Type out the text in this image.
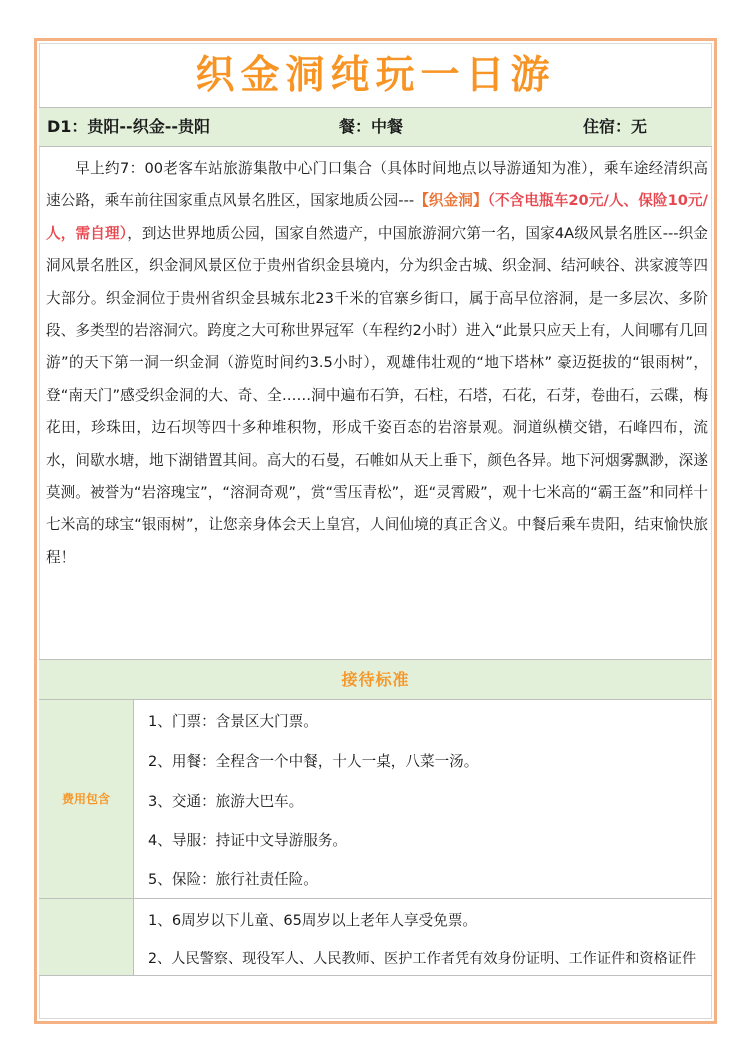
织金洞纯玩一日游
D1：贵阳--织金--贵阳	餐：中餐	住宿：无
早上约7：00老客车站旅游集散中心门口集合（具体时间地点以导游通知为准），乘车途经清织高速公路，乘车前往国家重点风景名胜区，国家地质公园---【织金洞】（不含电瓶车20元/人、保险10元/人，需自理），到达世界地质公园，国家自然遗产，中国旅游洞穴第一名，国家4A级风景名胜区---织金洞风景名胜区，织金洞风景区位于贵州省织金县境内，分为织金古城、织金洞、结河峡谷、洪家渡等四大部分。织金洞位于贵州省织金县城东北23千米的官寨乡街口，属于高早位溶洞，是一多层次、多阶段、多类型的岩溶洞穴。跨度之大可称世界冠军（车程约2小时）进入“此景只应天上有，人间哪有几回游”的天下第一洞一织金洞（游览时间约3.5小时），观雄伟壮观的“地下塔林” 豪迈挺拔的“银雨树”，登“南天门”感受织金洞的大、奇、全……洞中遍布石笋，石柱，石塔，石花，石芽，卷曲石，云碟，梅花田，珍珠田，边石坝等四十多种堆积物，形成千姿百态的岩溶景观。洞道纵横交错，石峰四布，流水，间歇水塘，地下湖错置其间。高大的石曼，石帷如从天上垂下，颜色各异。地下河烟雾飘渺，深遂莫测。被誉为“岩溶瑰宝”，“溶洞奇观”，赏“雪压青松”，逛“灵霄殿”，观十七米高的“霸王盔”和同样十七米高的球宝“银雨树”，让您亲身体会天上皇宫，人间仙境的真正含义。中餐后乘车贵阳，结束愉快旅程！
接待标准
费用包含
1、门票：含景区大门票。
2、用餐：全程含一个中餐，十人一桌，八菜一汤。
3、交通：旅游大巴车。
4、导服：持证中文导游服务。
5、保险：旅行社责任险。
1、6周岁以下儿童、65周岁以上老年人享受免票。
2、人民警察、现役军人、人民教师、医护工作者凭有效身份证明、工作证件和资格证件
